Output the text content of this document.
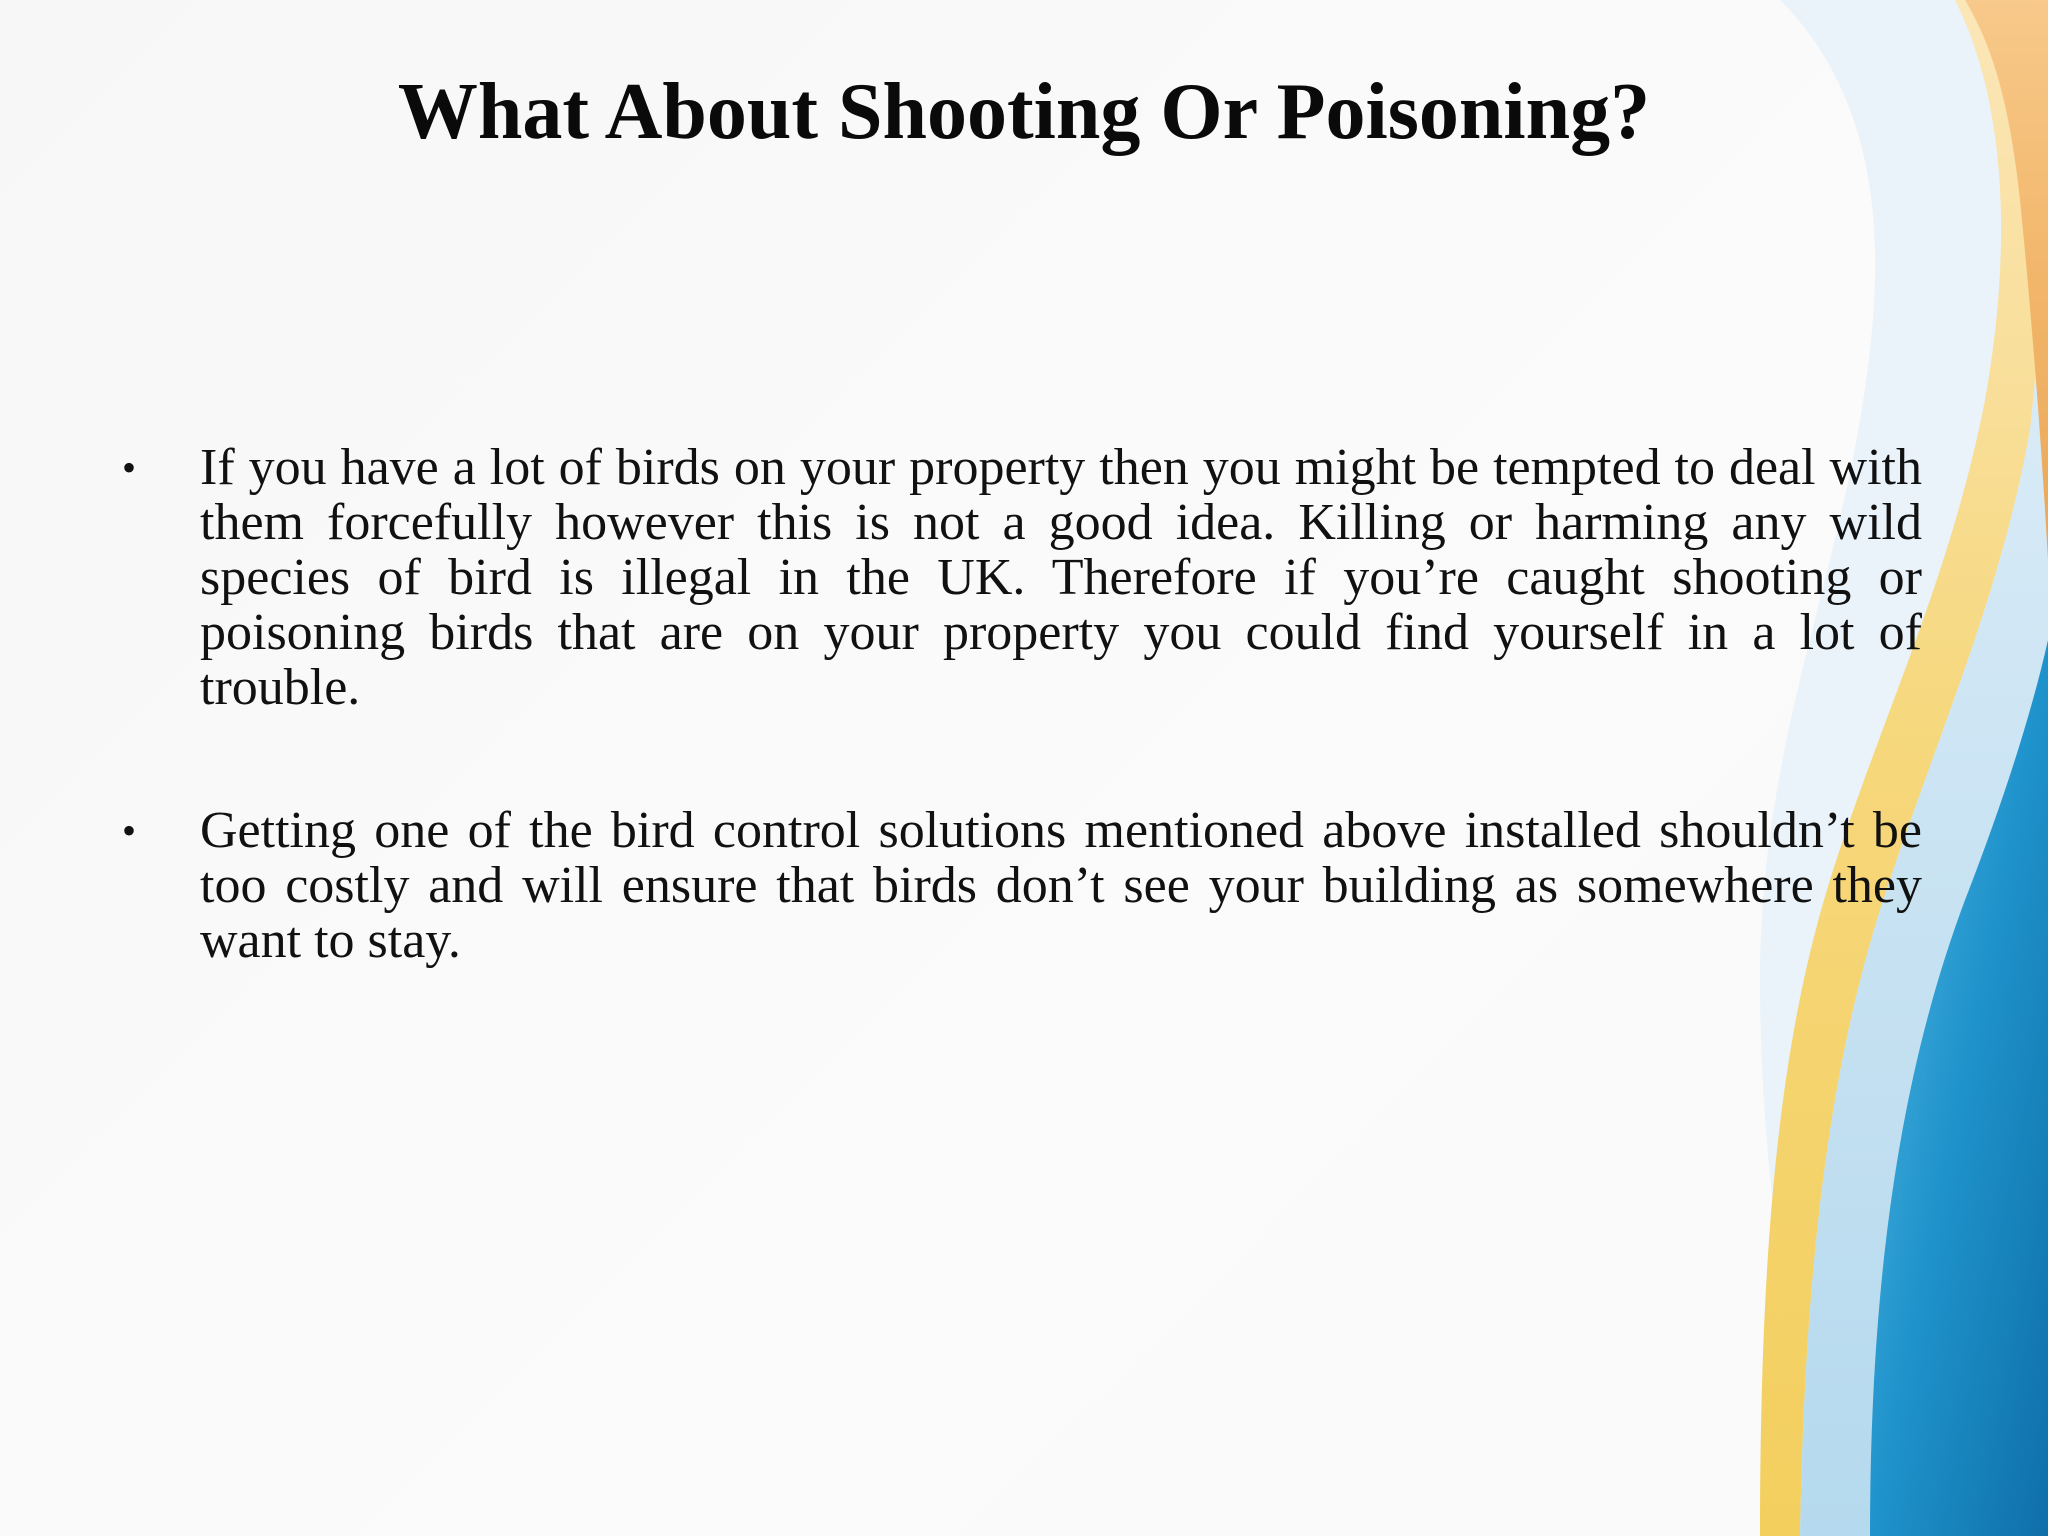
What About Shooting Or Poisoning?
• If you have a lot of birds on your property then you might be tempted to deal with them forcefully however this is not a good idea. Killing or harming any wild species of bird is illegal in the UK. Therefore if you’re caught shooting or poisoning birds that are on your property you could find yourself in a lot of trouble.
• Getting one of the bird control solutions mentioned above installed shouldn’t be too costly and will ensure that birds don’t see your building as somewhere they want to stay.
